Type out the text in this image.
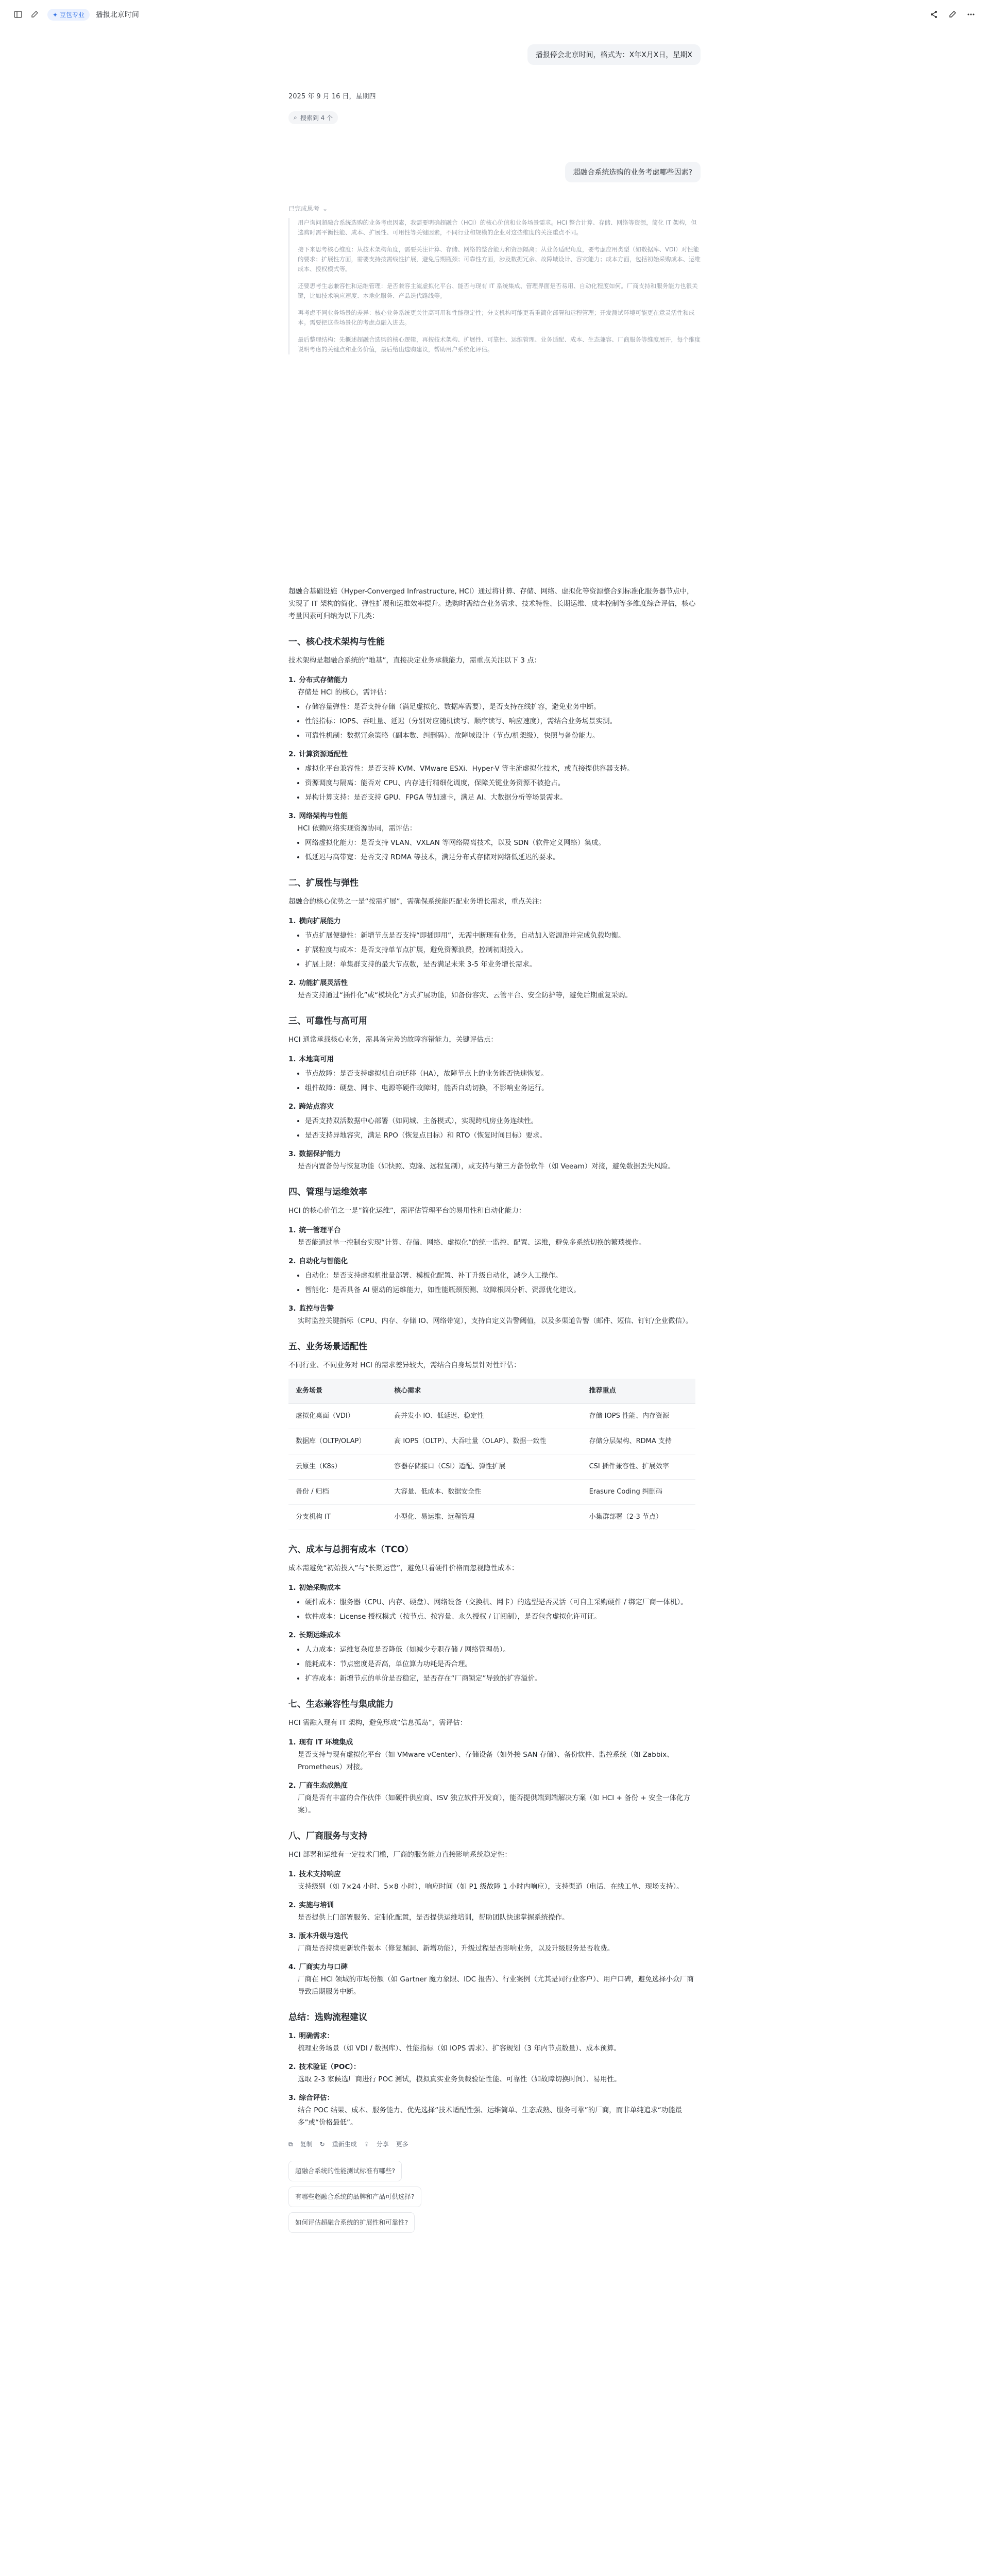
✦ 豆包专业	播报北京时间
播报停会北京时间，格式为：X年X月X日，星期X
2025 年 9 月 16 日，星期四
⌕ 搜索到 4 个
超融合系统选购的业务考虑哪些因素?
已完成思考 ⌄

用户询问超融合系统选购的业务考虑因素，我需要明确超融合（HCI）的核心价值和业务场景需求。HCI 整合计算、存储、网络等资源，简化 IT 架构，但选购时需平衡性能、成本、扩展性、可用性等关键因素，不同行业和规模的企业对这些维度的关注重点不同。

接下来思考核心维度：从技术架构角度，需要关注计算、存储、网络的整合能力和资源隔离；从业务适配角度，要考虑应用类型（如数据库、VDI）对性能的要求；扩展性方面，需要支持按需线性扩展，避免后期瓶颈；可靠性方面，涉及数据冗余、故障域设计、容灾能力；成本方面，包括初始采购成本、运维成本、授权模式等。

还要思考生态兼容性和运维管理：是否兼容主流虚拟化平台、能否与现有 IT 系统集成、管理界面是否易用、自动化程度如何。厂商支持和服务能力也很关键，比如技术响应速度、本地化服务、产品迭代路线等。

再考虑不同业务场景的差异：核心业务系统更关注高可用和性能稳定性；分支机构可能更看重简化部署和远程管理；开发测试环境可能更在意灵活性和成本。需要把这些场景化的考虑点融入进去。

最后整理结构：先概述超融合选购的核心逻辑，再按技术架构、扩展性、可靠性、运维管理、业务适配、成本、生态兼容、厂商服务等维度展开，每个维度说明考虑的关键点和业务价值，最后给出选购建议，帮助用户系统化评估。

超融合基础设施（Hyper-Converged Infrastructure, HCI）通过将计算、存储、网络、虚拟化等资源整合到标准化服务器节点中，实现了 IT 架构的简化、弹性扩展和运维效率提升。选购时需结合业务需求、技术特性、长期运维、成本控制等多维度综合评估，核心考量因素可归纳为以下几类：

一、核心技术架构与性能

技术架构是超融合系统的“地基”，直接决定业务承载能力，需重点关注以下 3 点：

1. 分布式存储能力
存储是 HCI 的核心，需评估：
• 存储容量弹性：是否支持存储（满足虚拟化、数据库需要），是否支持在线扩容，避免业务中断。
• 性能指标：IOPS、吞吐量、延迟（分别对应随机读写、顺序读写、响应速度），需结合业务场景实测。
• 可靠性机制：数据冗余策略（副本数、纠删码）、故障域设计（节点/机架级），快照与备份能力。
2. 计算资源适配性
• 虚拟化平台兼容性：是否支持 KVM、VMware ESXi、Hyper-V 等主流虚拟化技术，或直接提供容器支持。
• 资源调度与隔离：能否对 CPU、内存进行精细化调度，保障关键业务资源不被抢占。
• 异构计算支持：是否支持 GPU、FPGA 等加速卡，满足 AI、大数据分析等场景需求。
3. 网络架构与性能
HCI 依赖网络实现资源协同，需评估：
• 网络虚拟化能力：是否支持 VLAN、VXLAN 等网络隔离技术，以及 SDN（软件定义网络）集成。
• 低延迟与高带宽：是否支持 RDMA 等技术，满足分布式存储对网络低延迟的要求。
二、扩展性与弹性

超融合的核心优势之一是“按需扩展”，需确保系统能匹配业务增长需求，重点关注：

1. 横向扩展能力
• 节点扩展便捷性：新增节点是否支持“即插即用”，无需中断现有业务，自动加入资源池并完成负载均衡。
• 扩展粒度与成本：是否支持单节点扩展，避免资源浪费，控制初期投入。
• 扩展上限：单集群支持的最大节点数，是否满足未来 3-5 年业务增长需求。
2. 功能扩展灵活性
是否支持通过“插件化”或“模块化”方式扩展功能，如备份容灾、云管平台、安全防护等，避免后期重复采购。
三、可靠性与高可用

HCI 通常承载核心业务，需具备完善的故障容错能力，关键评估点：

1. 本地高可用
• 节点故障：是否支持虚拟机自动迁移（HA），故障节点上的业务能否快速恢复。
• 组件故障：硬盘、网卡、电源等硬件故障时，能否自动切换，不影响业务运行。
2. 跨站点容灾
• 是否支持双活数据中心部署（如同城、主备模式），实现跨机房业务连续性。
• 是否支持异地容灾，满足 RPO（恢复点目标）和 RTO（恢复时间目标）要求。
3. 数据保护能力
是否内置备份与恢复功能（如快照、克隆、远程复制），或支持与第三方备份软件（如 Veeam）对接，避免数据丢失风险。
四、管理与运维效率

HCI 的核心价值之一是“简化运维”，需评估管理平台的易用性和自动化能力：

1. 统一管理平台
是否能通过单一控制台实现“计算、存储、网络、虚拟化”的统一监控、配置、运维，避免多系统切换的繁琐操作。
2. 自动化与智能化
• 自动化：是否支持虚拟机批量部署、模板化配置、补丁升级自动化，减少人工操作。
• 智能化：是否具备 AI 驱动的运维能力，如性能瓶颈预测、故障根因分析、资源优化建议。
3. 监控与告警
实时监控关键指标（CPU、内存、存储 IO、网络带宽），支持自定义告警阈值，以及多渠道告警（邮件、短信、钉钉/企业微信）。
五、业务场景适配性

不同行业、不同业务对 HCI 的需求差异较大，需结合自身场景针对性评估：

业务场景	核心需求	推荐重点
虚拟化桌面（VDI）	高并发小 IO、低延迟、稳定性	存储 IOPS 性能、内存资源
数据库（OLTP/OLAP）	高 IOPS（OLTP）、大吞吐量（OLAP）、数据一致性	存储分层架构、RDMA 支持
云原生（K8s）	容器存储接口（CSI）适配、弹性扩展	CSI 插件兼容性、扩展效率
备份 / 归档	大容量、低成本、数据安全性	Erasure Coding 纠删码
分支机构 IT	小型化、易运维、远程管理	小集群部署（2-3 节点）
六、成本与总拥有成本（TCO）

成本需避免“初始投入”与“长期运营”，避免只看硬件价格而忽视隐性成本：

1. 初始采购成本
• 硬件成本：服务器（CPU、内存、硬盘）、网络设备（交换机、网卡）的选型是否灵活（可自主采购硬件 / 绑定厂商一体机）。
• 软件成本：License 授权模式（按节点、按容量、永久授权 / 订阅制），是否包含虚拟化许可证。
2. 长期运维成本
• 人力成本：运维复杂度是否降低（如减少专职存储 / 网络管理员）。
• 能耗成本：节点密度是否高，单位算力功耗是否合理。
• 扩容成本：新增节点的单价是否稳定，是否存在“厂商锁定”导致的扩容溢价。
七、生态兼容性与集成能力

HCI 需融入现有 IT 架构，避免形成“信息孤岛”，需评估：

1. 现有 IT 环境集成
是否支持与现有虚拟化平台（如 VMware vCenter）、存储设备（如外接 SAN 存储）、备份软件、监控系统（如 Zabbix、Prometheus）对接。
2. 厂商生态成熟度
厂商是否有丰富的合作伙伴（如硬件供应商、ISV 独立软件开发商），能否提供端到端解决方案（如 HCI + 备份 + 安全一体化方案）。
八、厂商服务与支持

HCI 部署和运维有一定技术门槛，厂商的服务能力直接影响系统稳定性：

1. 技术支持响应
支持级别（如 7×24 小时、5×8 小时），响应时间（如 P1 级故障 1 小时内响应），支持渠道（电话、在线工单、现场支持）。
2. 实施与培训
是否提供上门部署服务、定制化配置，是否提供运维培训，帮助团队快速掌握系统操作。
3. 版本升级与迭代
厂商是否持续更新软件版本（修复漏洞、新增功能），升级过程是否影响业务，以及升级服务是否收费。
4. 厂商实力与口碑
厂商在 HCI 领域的市场份额（如 Gartner 魔力象限、IDC 报告）、行业案例（尤其是同行业客户）、用户口碑，避免选择小众厂商导致后期服务中断。
总结：选购流程建议
1. 明确需求：
梳理业务场景（如 VDI / 数据库）、性能指标（如 IOPS 需求）、扩容规划（3 年内节点数量）、成本预算。
2. 技术验证（POC）：
选取 2-3 家候选厂商进行 POC 测试，模拟真实业务负载验证性能、可靠性（如故障切换时间）、易用性。
3. 综合评估：
结合 POC 结果、成本、服务能力、优先选择“技术适配性强、运维简单、生态成熟、服务可靠”的厂商，而非单纯追求“功能最多”或“价格最低”。
⧉ 复制 ↻ 重新生成 ⇪ 分享 更多
超融合系统的性能测试标准有哪些?
有哪些超融合系统的品牌和产品可供选择?
如何评估超融合系统的扩展性和可靠性?
